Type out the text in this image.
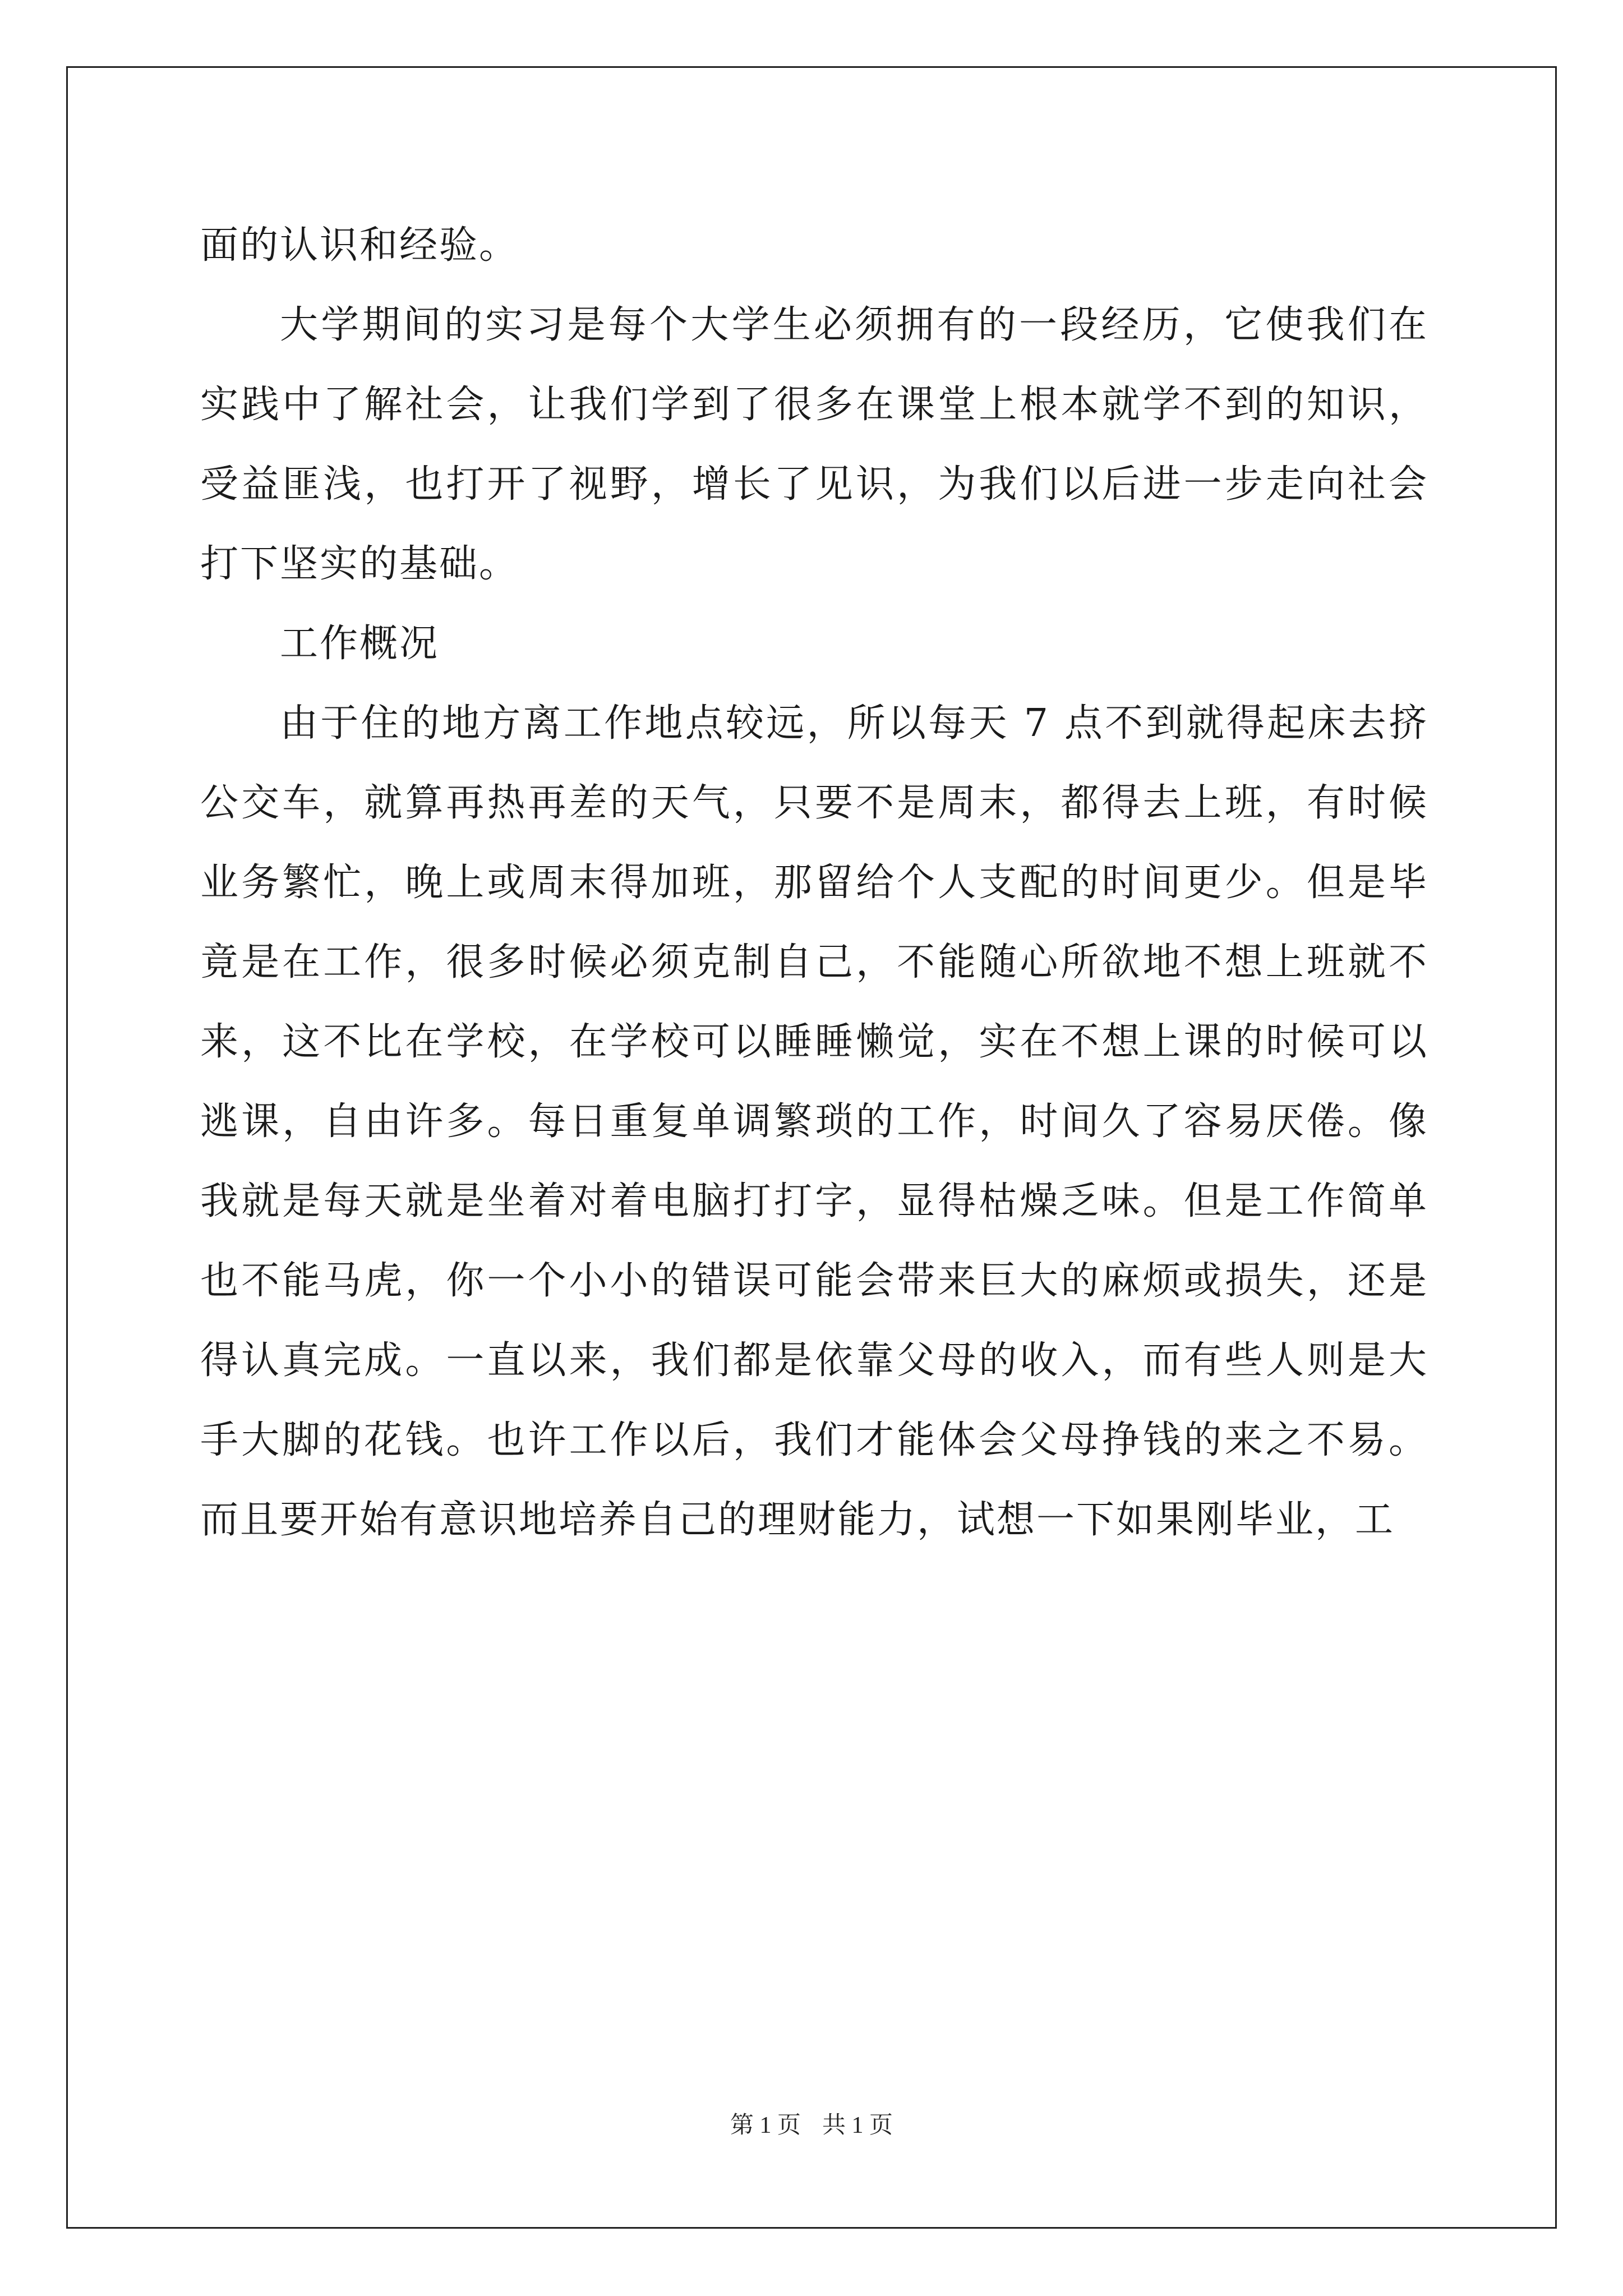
面的认识和经验。

大学期间的实习是每个大学生必须拥有的一段经历，它使我们在实践中了解社会，让我们学到了很多在课堂上根本就学不到的知识，受益匪浅，也打开了视野，增长了见识，为我们以后进一步走向社会打下坚实的基础。

工作概况

由于住的地方离工作地点较远，所以每天 7 点不到就得起床去挤公交车，就算再热再差的天气，只要不是周末，都得去上班，有时候业务繁忙，晚上或周末得加班，那留给个人支配的时间更少。但是毕竟是在工作，很多时候必须克制自己，不能随心所欲地不想上班就不来，这不比在学校，在学校可以睡睡懒觉，实在不想上课的时候可以逃课，自由许多。每日重复单调繁琐的工作，时间久了容易厌倦。像我就是每天就是坐着对着电脑打打字，显得枯燥乏味。但是工作简单也不能马虎，你一个小小的错误可能会带来巨大的麻烦或损失，还是得认真完成。一直以来，我们都是依靠父母的收入，而有些人则是大手大脚的花钱。也许工作以后，我们才能体会父母挣钱的来之不易。而且要开始有意识地培养自己的理财能力，试想一下如果刚毕业，工

第 1 页 共 1 页
